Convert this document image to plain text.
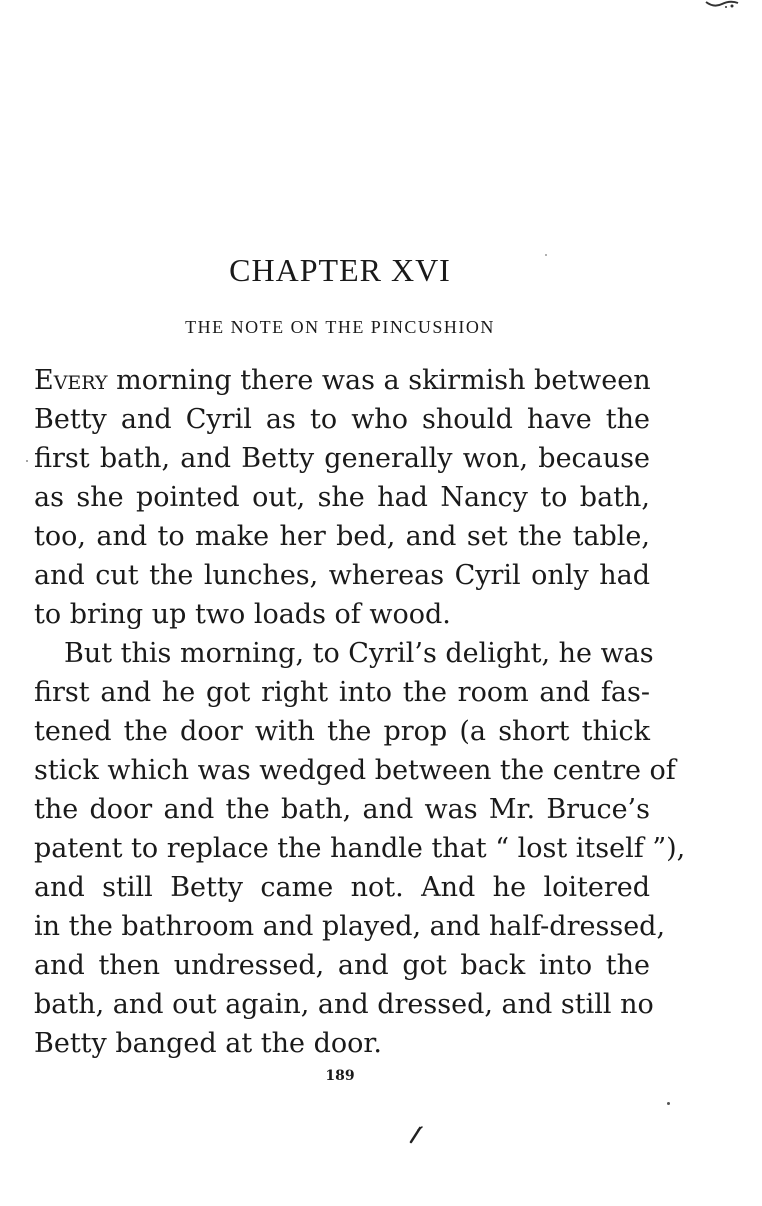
CHAPTER XVI
THE NOTE ON THE PINCUSHION
Every morning there was a skirmish between
Betty and Cyril as to who should have the
first bath, and Betty generally won, because
as she pointed out, she had Nancy to bath,
too, and to make her bed, and set the table,
and cut the lunches, whereas Cyril only had
to bring up two loads of wood.
But this morning, to Cyril’s delight, he was
first and he got right into the room and fas-
tened the door with the prop (a short thick
stick which was wedged between the centre of
the door and the bath, and was Mr. Bruce’s
patent to replace the handle that “ lost itself ”),
and still Betty came not. And he loitered
in the bathroom and played, and half-dressed,
and then undressed, and got back into the
bath, and out again, and dressed, and still no
Betty banged at the door.

189
